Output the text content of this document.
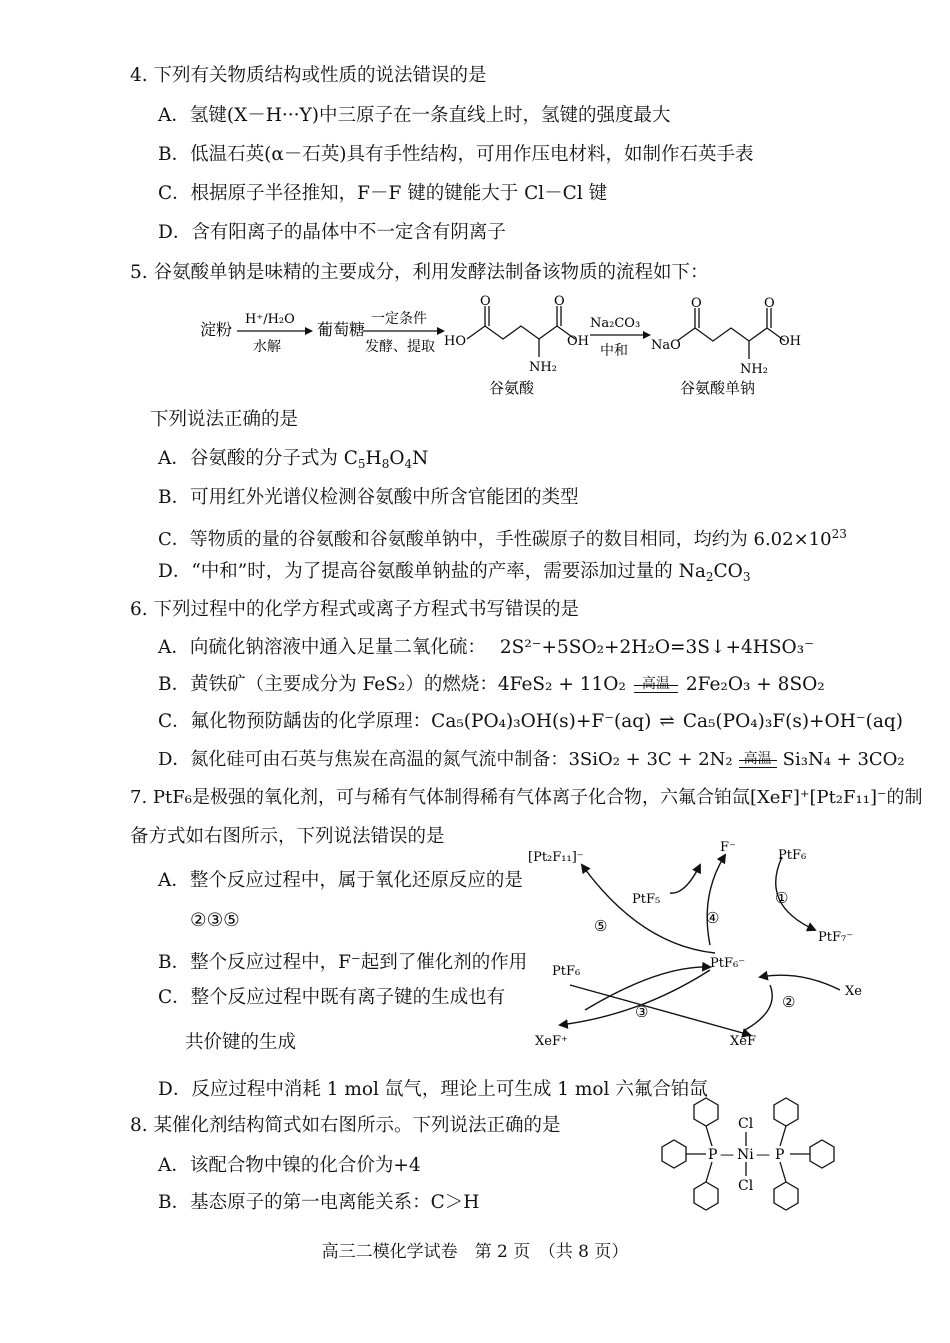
4. 下列有关物质结构或性质的说法错误的是
A．氢键(X－H···Y)中三原子在一条直线上时，氢键的强度最大
B．低温石英(α－石英)具有手性结构，可用作压电材料，如制作石英手表
C．根据原子半径推知，F－F 键的键能大于 Cl－Cl 键
D．含有阳离子的晶体中不一定含有阴离子
5. 谷氨酸单钠是味精的主要成分，利用发酵法制备该物质的流程如下：
淀粉
H⁺/H₂O
水解
葡萄糖
一定条件
发酵、提取
O	O
HO	OH
NH₂
谷氨酸
Na₂CO₃
中和
O	O
NaO	OH
NH₂
谷氨酸单钠
下列说法正确的是
A．谷氨酸的分子式为 $C_5H_8O_4N$
B．可用红外光谱仪检测谷氨酸中所含官能团的类型
C．等物质的量的谷氨酸和谷氨酸单钠中，手性碳原子的数目相同，均约为 $6.02\times 10^{23}$
D．“中和”时，为了提高谷氨酸单钠盐的产率，需要添加过量的 $Na_2CO_3$
6. 下列过程中的化学方程式或离子方程式书写错误的是
A．向硫化钠溶液中通入足量二氧化硫： 2S²⁻+5SO₂+2H₂O=3S↓+4HSO₃⁻
B．黄铁矿（主要成分为 FeS₂）的燃烧：4FeS₂ + 11O₂	高温 2Fe₂O₃ + 8SO₂
C．氟化物预防龋齿的化学原理：Ca₅(PO₄)₃OH(s)+F⁻(aq) ⇌ Ca₅(PO₄)₃F(s)+OH⁻(aq)
D．氮化硅可由石英与焦炭在高温的氮气流中制备：3SiO₂ + 3C + 2N₂ 高温 Si₃N₄ + 3CO₂
7. PtF₆是极强的氧化剂，可与稀有气体制得稀有气体离子化合物，六氟合铂氙[XeF]⁺[Pt₂F₁₁]⁻的制
备方式如右图所示，下列说法错误的是
A．整个反应过程中，属于氧化还原反应的是
②③⑤
B．整个反应过程中，F⁻起到了催化剂的作用
C．整个反应过程中既有离子键的生成也有
共价键的生成
D．反应过程中消耗 1 mol 氙气，理论上可生成 1 mol 六氟合铂氙
[Pt₂F₁₁]⁻
F⁻
PtF₆
PtF₅
PtF₇⁻
PtF₆⁻
PtF₆
Xe
XeF⁺	XeF
①
②
③
④
⑤
8. 某催化剂结构简式如右图所示。下列说法正确的是
A．该配合物中镍的化合价为+4
B．基态原子的第一电离能关系：C＞H
P — Ni — P
Cl
Cl
高三二模化学试卷　第 2 页　（共 8 页）
